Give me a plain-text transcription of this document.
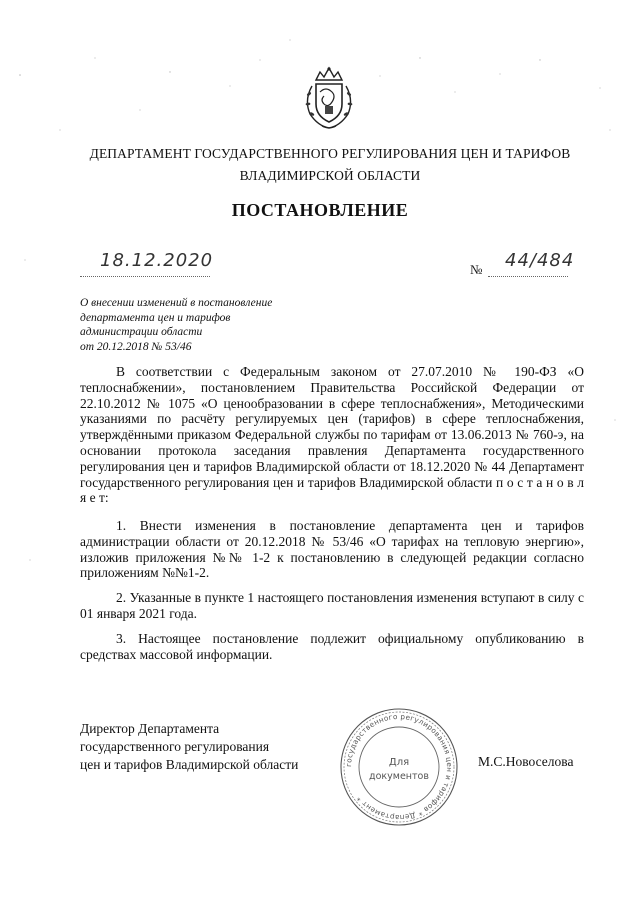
ДЕПАРТАМЕНТ ГОСУДАРСТВЕННОГО РЕГУЛИРОВАНИЯ ЦЕН И ТАРИФОВ
ВЛАДИМИРСКОЙ ОБЛАСТИ
ПОСТАНОВЛЕНИЕ
18.12.2020	№ 44/484
О внесении изменений в постановление
департамента цен и тарифов
администрации области
от 20.12.2018 № 53/46
В соответствии с Федеральным законом от 27.07.2010 № 190-ФЗ «О теплоснабжении», постановлением Правительства Российской Федерации от 22.10.2012 № 1075 «О ценообразовании в сфере теплоснабжения», Методическими указаниями по расчёту регулируемых цен (тарифов) в сфере теплоснабжения, утверждёнными приказом Федеральной службы по тарифам от 13.06.2013 № 760-э, на основании протокола заседания правления Департамента государственного регулирования цен и тарифов Владимирской области от 18.12.2020 № 44 Департамент государственного регулирования цен и тарифов Владимирской области п о с т а н о в л я е т:
1. Внести изменения в постановление департамента цен и тарифов администрации области от 20.12.2018 № 53/46 «О тарифах на тепловую энергию», изложив приложения №№ 1-2 к постановлению в следующей редакции согласно приложениям №№1-2.
2. Указанные в пункте 1 настоящего постановления изменения вступают в силу с 01 января 2021 года.
3. Настоящее постановление подлежит официальному опубликованию в средствах массовой информации.
Директор Департамента
государственного регулирования
цен и тарифов Владимирской области	государственного регулирования цен и тарифов * Департамент *
Для
документов
М.С.Новоселова
